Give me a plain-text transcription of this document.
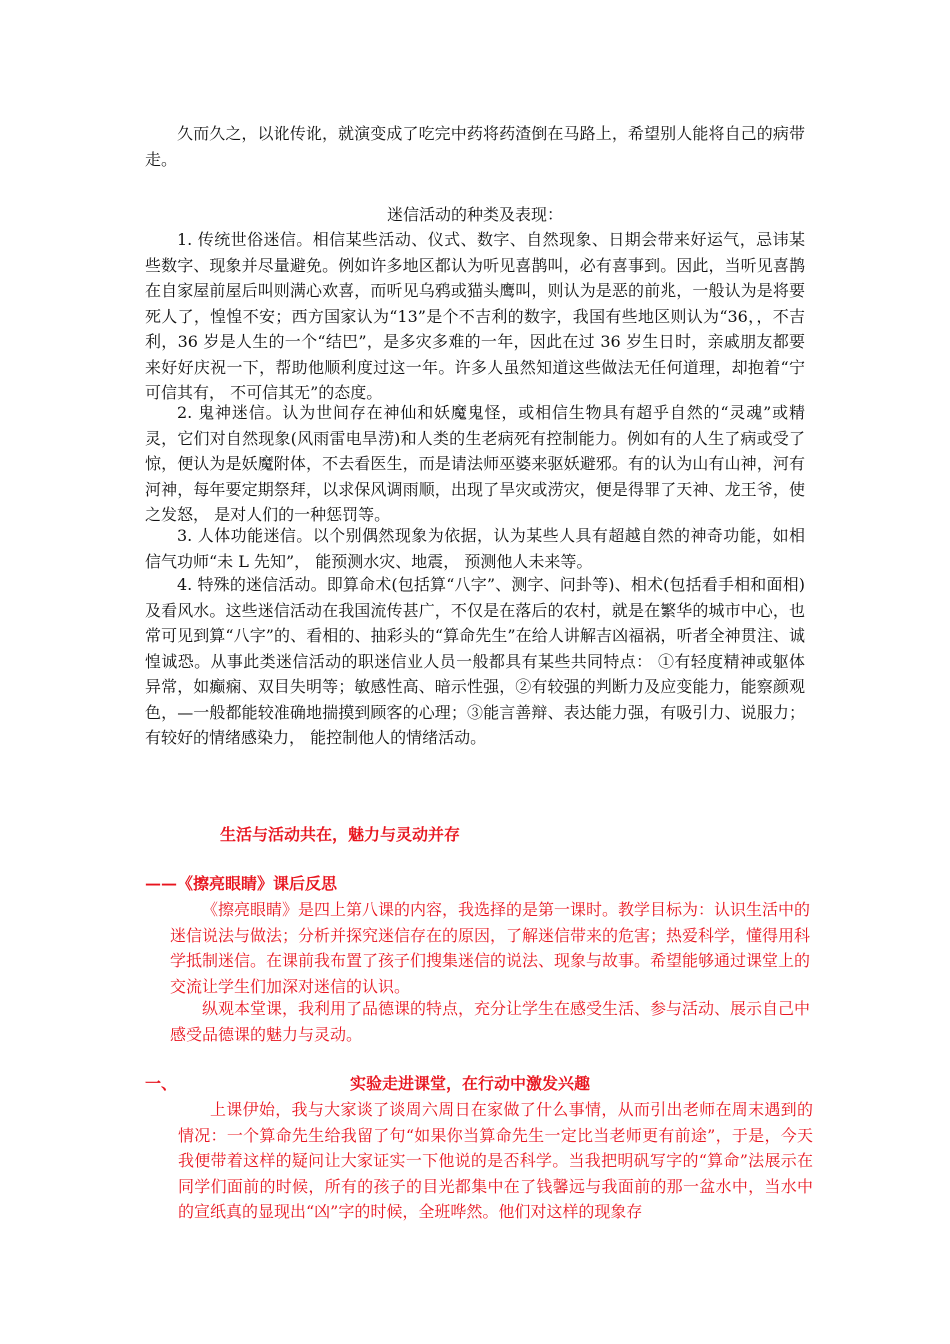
久而久之，以讹传讹，就演变成了吃完中药将药渣倒在马路上，希望别人能将自己的病带走。

迷信活动的种类及表现：

1. 传统世俗迷信。相信某些活动、仪式、数字、自然现象、日期会带来好运气，忌讳某些数字、现象并尽量避免。例如许多地区都认为听见喜鹊叫，必有喜事到。因此，当听见喜鹊在自家屋前屋后叫则满心欢喜，而听见乌鸦或猫头鹰叫，则认为是恶的前兆，一般认为是将要死人了，惶惶不安；西方国家认为“13”是个不吉利的数字，我国有些地区则认为“36，，不吉利，36 岁是人生的一个“结巴”，是多灾多难的一年，因此在过 36 岁生日时，亲戚朋友都要来好好庆祝一下，帮助他顺利度过这一年。许多人虽然知道这些做法无任何道理，却抱着“宁可信其有， 不可信其无”的态度。

2. 鬼神迷信。认为世间存在神仙和妖魔鬼怪，或相信生物具有超乎自然的“灵魂”或精灵，它们对自然现象(风雨雷电旱涝)和人类的生老病死有控制能力。例如有的人生了病或受了惊，便认为是妖魔附体，不去看医生，而是请法师巫婆来驱妖避邪。有的认为山有山神，河有河神，每年要定期祭拜，以求保风调雨顺，出现了旱灾或涝灾，便是得罪了天神、龙王爷，使之发怒， 是对人们的一种惩罚等。

3. 人体功能迷信。以个别偶然现象为依据，认为某些人具有超越自然的神奇功能，如相信气功师“未 L 先知”， 能预测水灾、地震， 预测他人未来等。

4. 特殊的迷信活动。即算命术(包括算“八字”、测字、问卦等)、相术(包括看手相和面相)及看风水。这些迷信活动在我国流传甚广，不仅是在落后的农村，就是在繁华的城市中心，也常可见到算“八字”的、看相的、抽彩头的“算命先生”在给人讲解吉凶福祸，听者全神贯注、诚惶诚恐。从事此类迷信活动的职迷信业人员一般都具有某些共同特点： ①有轻度精神或躯体异常，如癫痫、双目失明等；敏感性高、暗示性强，②有较强的判断力及应变能力，能察颜观色，—一般都能较准确地揣摸到顾客的心理；③能言善辩、表达能力强，有吸引力、说服力； 有较好的情绪感染力， 能控制他人的情绪活动。

生活与活动共在，魅力与灵动并存

——《擦亮眼睛》课后反思

《擦亮眼睛》是四上第八课的内容，我选择的是第一课时。教学目标为：认识生活中的迷信说法与做法；分析并探究迷信存在的原因，了解迷信带来的危害；热爱科学，懂得用科学抵制迷信。在课前我布置了孩子们搜集迷信的说法、现象与故事。希望能够通过课堂上的交流让学生们加深对迷信的认识。

纵观本堂课，我利用了品德课的特点，充分让学生在感受生活、参与活动、展示自己中感受品德课的魅力与灵动。

一、	实验走进课堂，在行动中激发兴趣

上课伊始，我与大家谈了谈周六周日在家做了什么事情，从而引出老师在周末遇到的情况：一个算命先生给我留了句“如果你当算命先生一定比当老师更有前途”，于是，今天我便带着这样的疑问让大家证实一下他说的是否科学。当我把明矾写字的“算命”法展示在同学们面前的时候，所有的孩子的目光都集中在了钱馨远与我面前的那一盆水中，当水中的宣纸真的显现出“凶”字的时候，全班哗然。他们对这样的现象存
